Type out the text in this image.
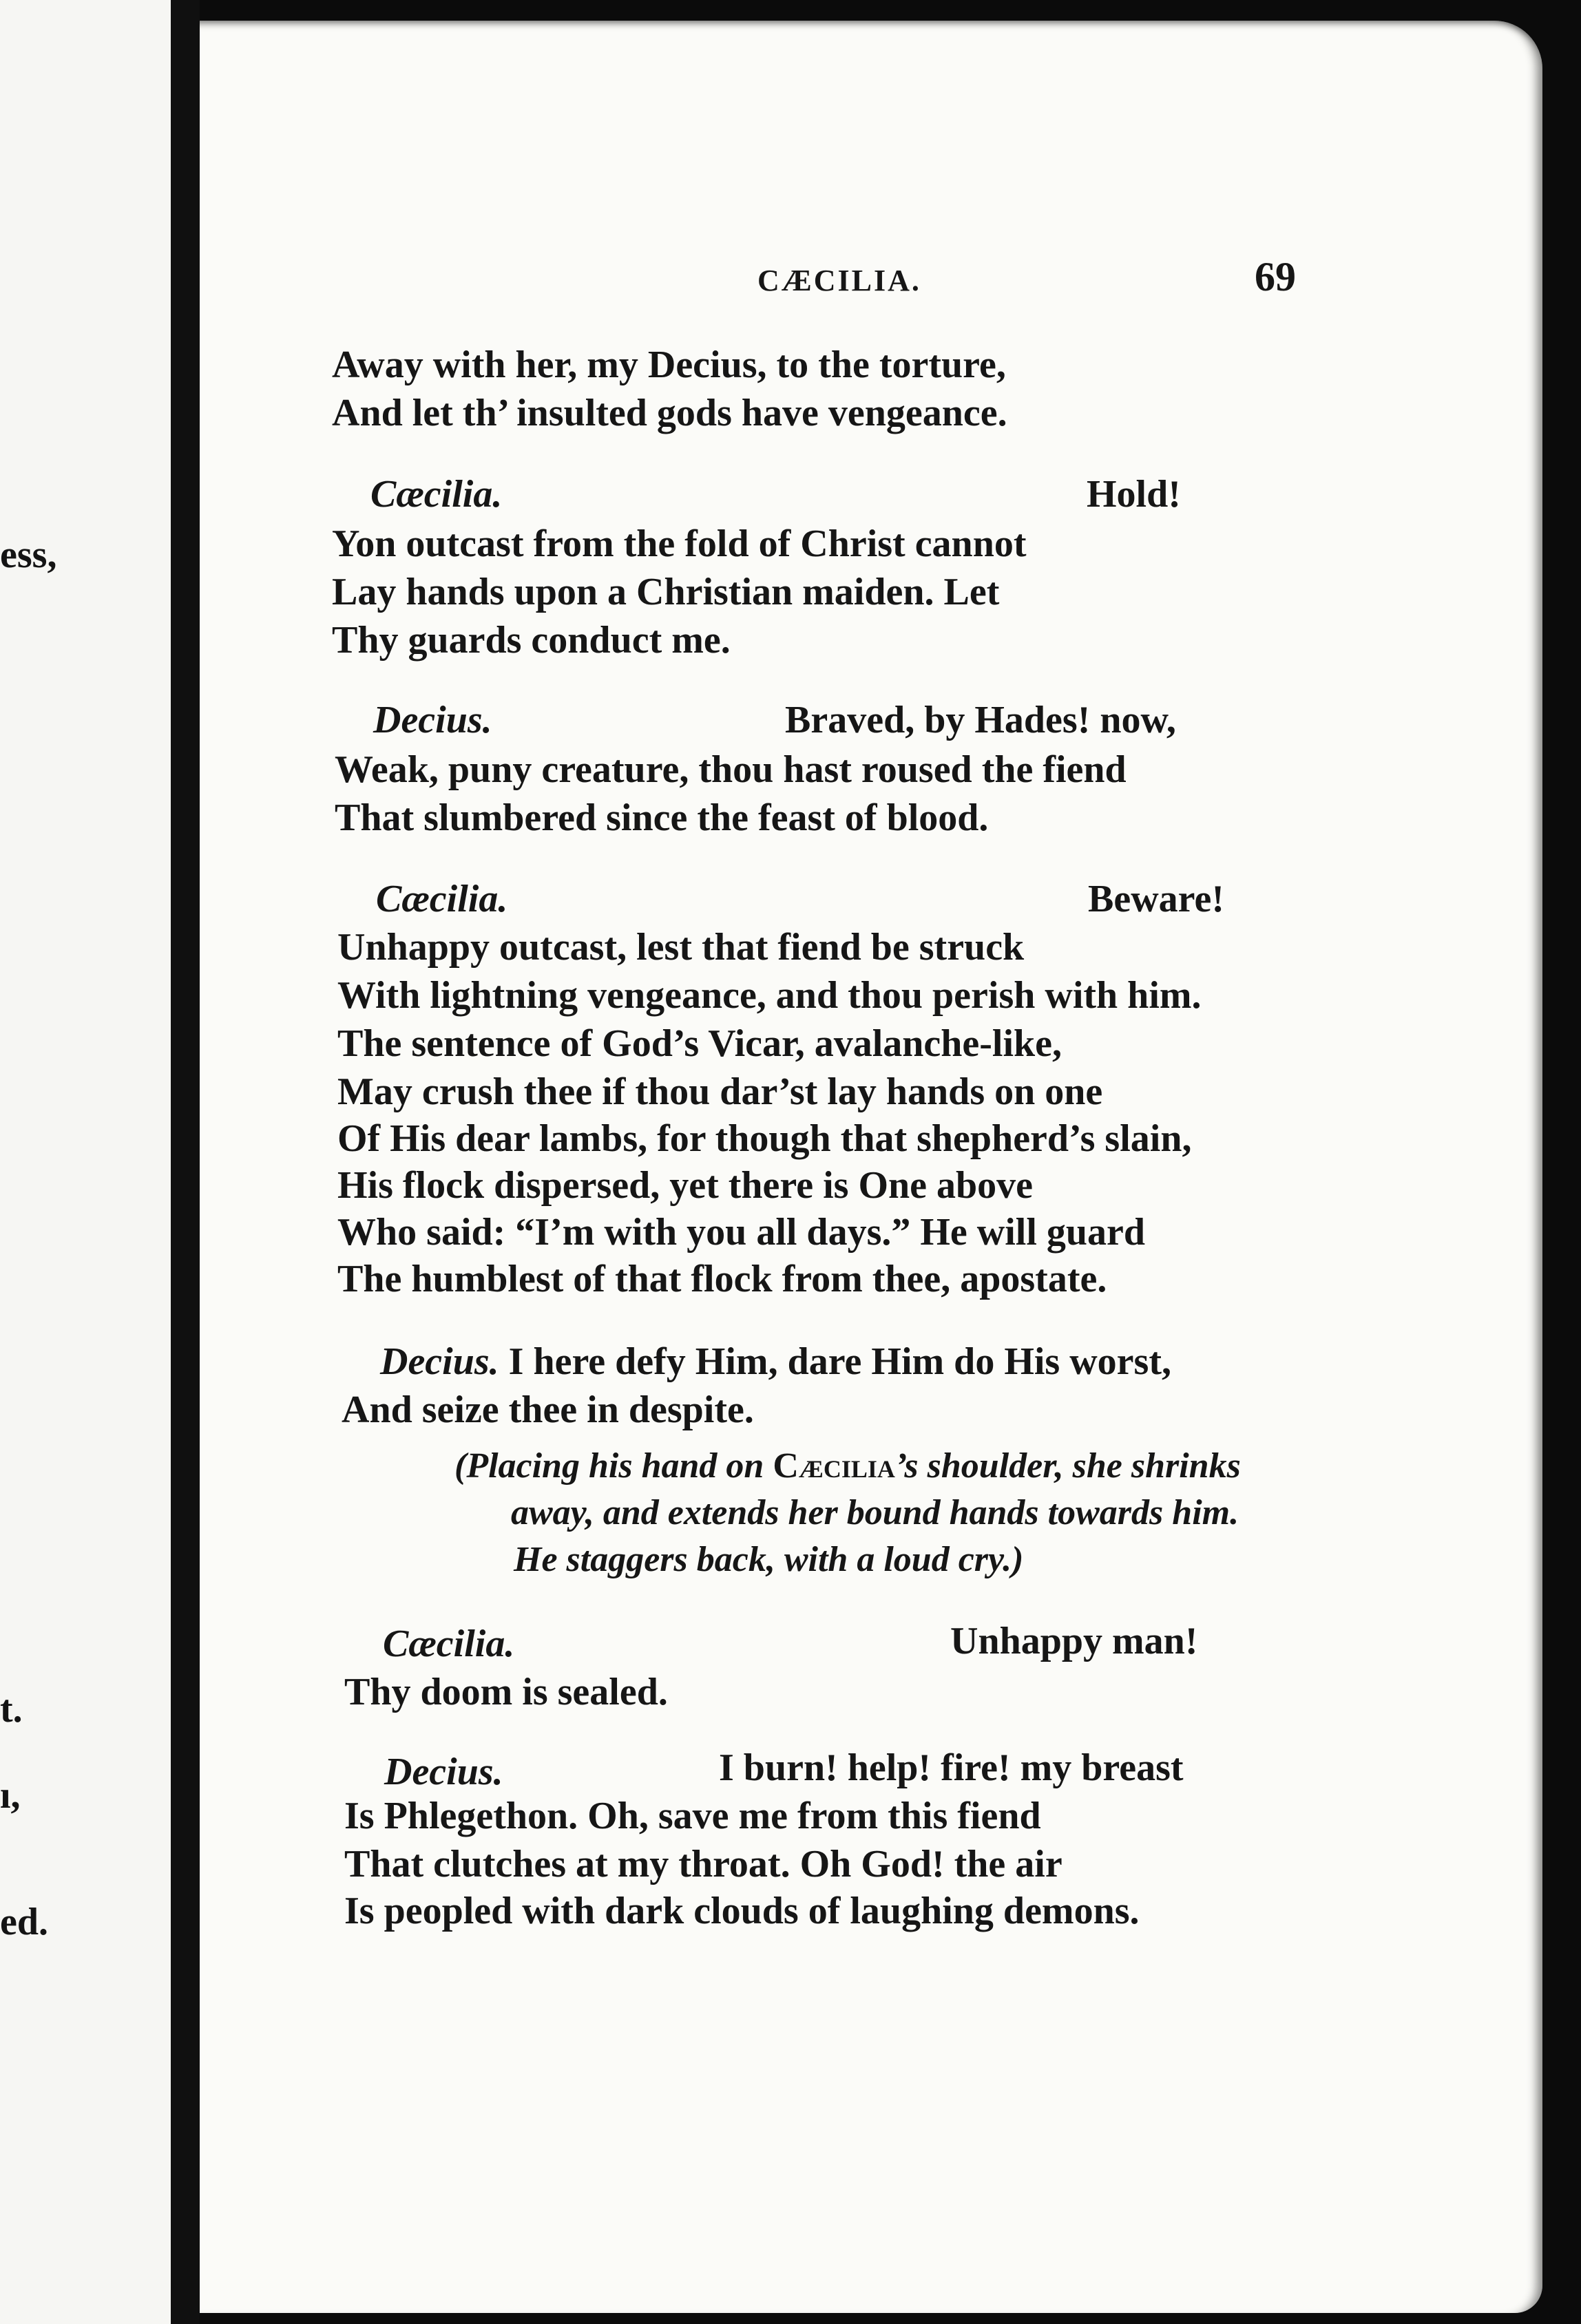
ess,
t.
ı,
ed.
CÆCILIA.	69
Away with her, my Decius, to the torture,
And let th’ insulted gods have vengeance.
Cæcilia.	Hold!
Yon outcast from the fold of Christ cannot
Lay hands upon a Christian maiden. Let
Thy guards conduct me.
Decius.	Braved, by Hades! now,
Weak, puny creature, thou hast roused the fiend
That slumbered since the feast of blood.
Cæcilia.	Beware!
Unhappy outcast, lest that fiend be struck
With lightning vengeance, and thou perish with him.
The sentence of God’s Vicar, avalanche-like,
May crush thee if thou dar’st lay hands on one
Of His dear lambs, for though that shepherd’s slain,
His flock dispersed, yet there is One above
Who said: “I’m with you all days.” He will guard
The humblest of that flock from thee, apostate.
Decius. I here defy Him, dare Him do His worst,
And seize thee in despite.
(Placing his hand on Cæcilia’s shoulder, she shrinks
away, and extends her bound hands towards him.
He staggers back, with a loud cry.)
Cæcilia.	Unhappy man!
Thy doom is sealed.
Decius.	I burn! help! fire! my breast
Is Phlegethon. Oh, save me from this fiend
That clutches at my throat. Oh God! the air
Is peopled with dark clouds of laughing demons.
